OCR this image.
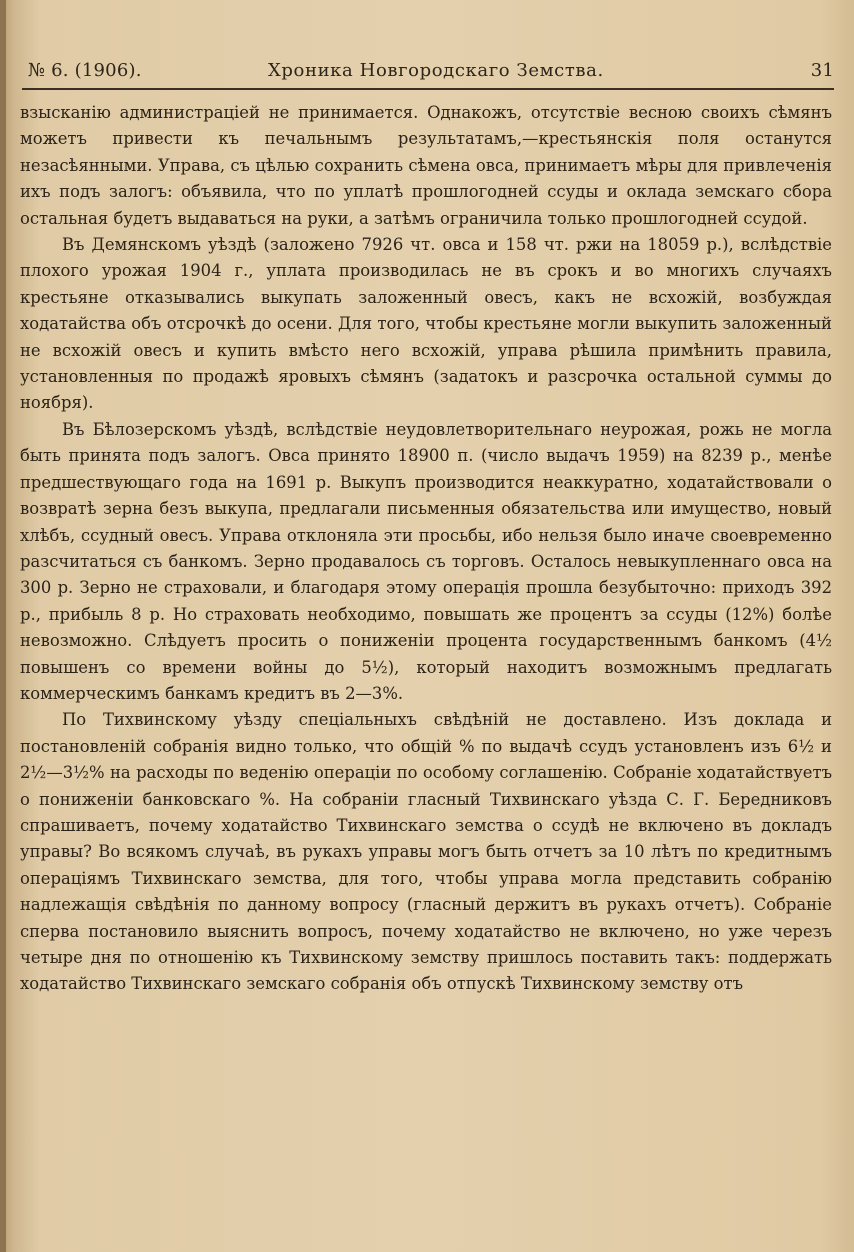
№ 6. (1906).	Хроника Новгородскаго Земства.	31

взысканію администраціей не принимается. Однакожъ, отсутствіе весною своихъ сѣмянъ можетъ привести къ печальнымъ результатамъ,—крестьянскія поля останутся незасѣянными. Управа, съ цѣлью сохранить сѣмена овса, принимаетъ мѣры для привлеченія ихъ подъ залогъ: объявила, что по уплатѣ прошлогодней ссуды и оклада земскаго сбора остальная будетъ выдаваться на руки, а затѣмъ ограничила только прошлогодней ссудой.

Въ Демянскомъ уѣздѣ (заложено 7926 чт. овса и 158 чт. ржи на 18059 р.), вслѣдствіе плохого урожая 1904 г., уплата производилась не въ срокъ и во многихъ случаяхъ крестьяне отказывались выкупать заложенный овесъ, какъ не всхожій, возбуждая ходатайства объ отсрочкѣ до осени. Для того, чтобы крестьяне могли выкупить заложенный не всхожій овесъ и купить вмѣсто него всхожій, управа рѣшила примѣнить правила, установленныя по продажѣ яровыхъ сѣмянъ (задатокъ и разсрочка остальной суммы до ноября).

Въ Бѣлозерскомъ уѣздѣ, вслѣдствіе неудовлетворительнаго неурожая, рожь не могла быть принята подъ залогъ. Овса принято 18900 п. (число выдачъ 1959) на 8239 р., менѣе предшествующаго года на 1691 р. Выкупъ производится неаккуратно, ходатайствовали о возвратѣ зерна безъ выкупа, предлагали письменныя обязательства или имущество, новый хлѣбъ, ссудный овесъ. Управа отклоняла эти просьбы, ибо нельзя было иначе своевременно разсчитаться съ банкомъ. Зерно продавалось съ торговъ. Осталось невыкупленнаго овса на 300 р. Зерно не страховали, и благодаря этому операція прошла безубыточно: приходъ 392 р., прибыль 8 р. Но страховать необходимо, повышать же процентъ за ссуды (12%) болѣе невозможно. Слѣдуетъ просить о пониженіи процента государственнымъ банкомъ (4½ повышенъ со времени войны до 5½), который находитъ возможнымъ предлагать коммерческимъ банкамъ кредитъ въ 2—3%.

По Тихвинскому уѣзду спеціальныхъ свѣдѣній не доставлено. Изъ доклада и постановленій собранія видно только, что общій % по выдачѣ ссудъ установленъ изъ 6½ и 2½—3½% на расходы по веденію операціи по особому соглашенію. Собраніе ходатайствуетъ о пониженіи банковскаго %. На собраніи гласный Тихвинскаго уѣзда С. Г. Бередниковъ спрашиваетъ, почему ходатайство Тихвинскаго земства о ссудѣ не включено въ докладъ управы? Во всякомъ случаѣ, въ рукахъ управы могъ быть отчетъ за 10 лѣтъ по кредитнымъ операціямъ Тихвинскаго земства, для того, чтобы управа могла представить собранію надлежащія свѣдѣнія по данному вопросу (гласный держитъ въ рукахъ отчетъ). Собраніе сперва постановило выяснить вопросъ, почему ходатайство не включено, но уже черезъ четыре дня по отношенію къ Тихвинскому земству пришлось поставить такъ: поддержать ходатайство Тихвинскаго земскаго собранія объ отпускѣ Тихвинскому земству отъ
